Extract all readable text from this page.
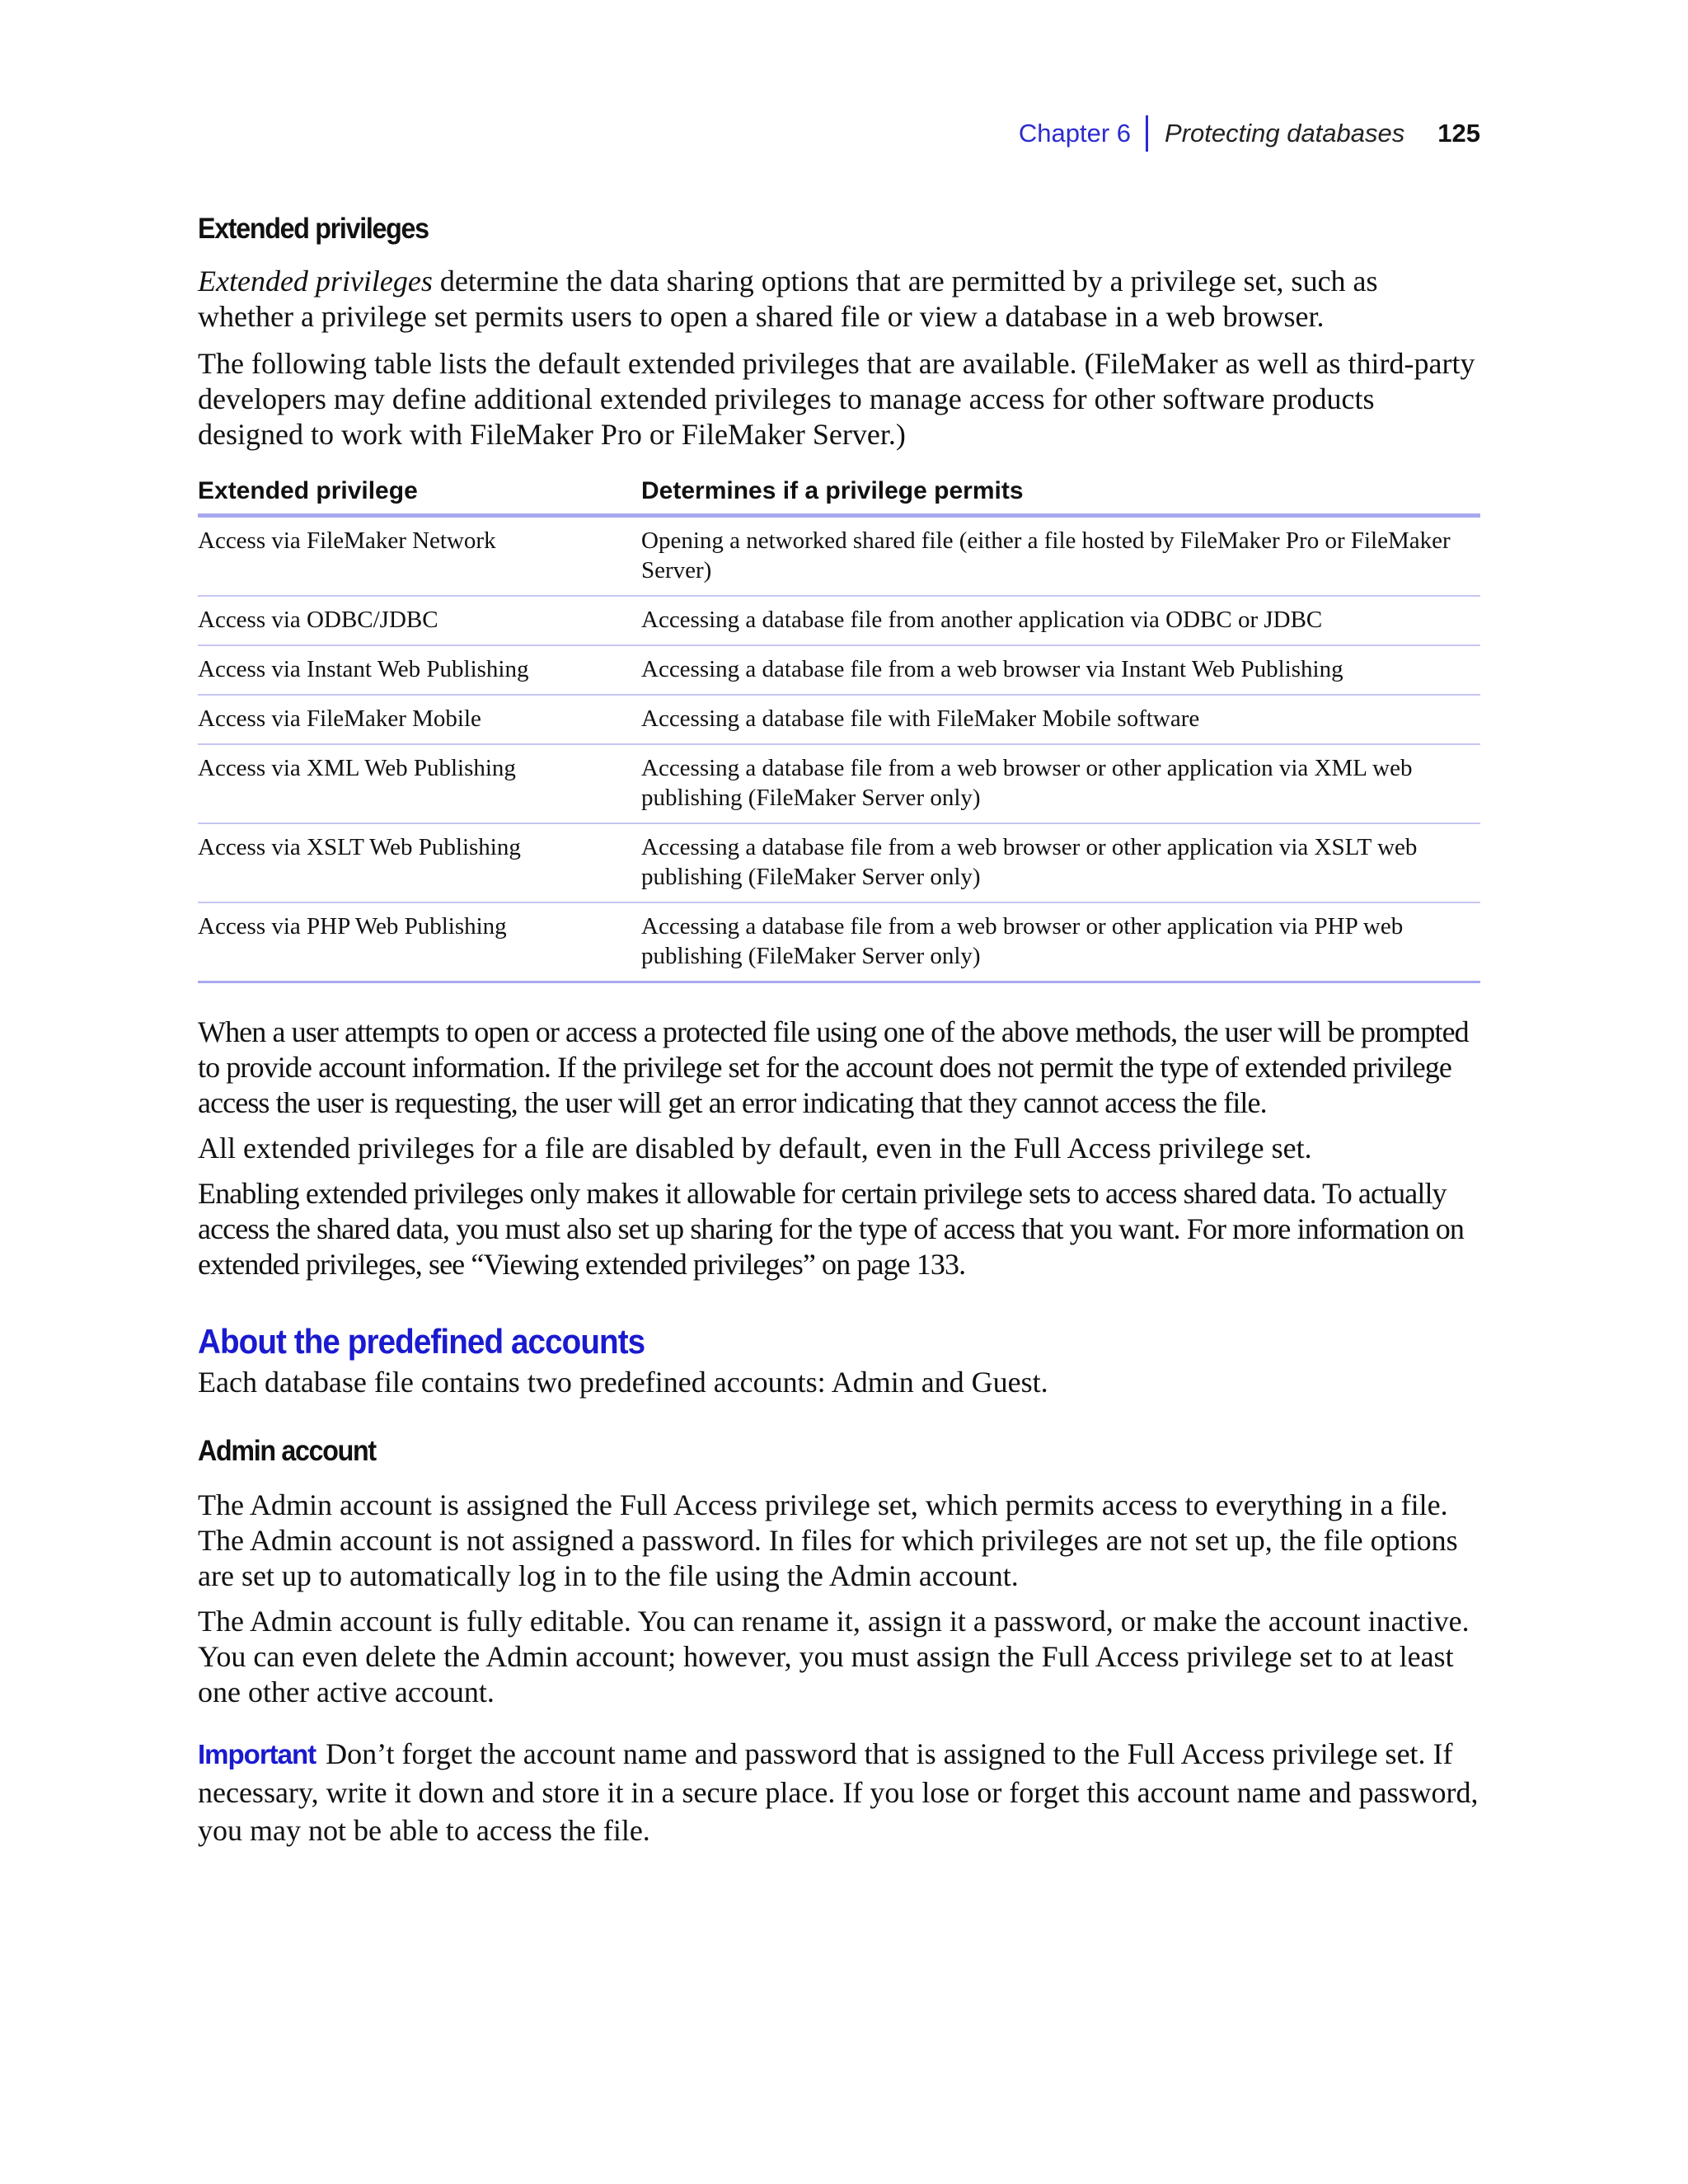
Chapter 6 Protecting databases 125
Extended privileges

Extended privileges determine the data sharing options that are permitted by a privilege set, such as whether a privilege set permits users to open a shared file or view a database in a web browser.

The following table lists the default extended privileges that are available. (FileMaker as well as third-party developers may define additional extended privileges to manage access for other software products designed to work with FileMaker Pro or FileMaker Server.)

Extended privilege	Determines if a privilege permits
Access via FileMaker Network	Opening a networked shared file (either a file hosted by FileMaker Pro or FileMaker Server)
Access via ODBC/JDBC	Accessing a database file from another application via ODBC or JDBC
Access via Instant Web Publishing	Accessing a database file from a web browser via Instant Web Publishing
Access via FileMaker Mobile	Accessing a database file with FileMaker Mobile software
Access via XML Web Publishing	Accessing a database file from a web browser or other application via XML web publishing (FileMaker Server only)
Access via XSLT Web Publishing	Accessing a database file from a web browser or other application via XSLT web publishing (FileMaker Server only)
Access via PHP Web Publishing	Accessing a database file from a web browser or other application via PHP web publishing (FileMaker Server only)

When a user attempts to open or access a protected file using one of the above methods, the user will be prompted to provide account information. If the privilege set for the account does not permit the type of extended privilege access the user is requesting, the user will get an error indicating that they cannot access the file.

All extended privileges for a file are disabled by default, even in the Full Access privilege set.

Enabling extended privileges only makes it allowable for certain privilege sets to access shared data. To actually access the shared data, you must also set up sharing for the type of access that you want. For more information on extended privileges, see “Viewing extended privileges” on page 133.

About the predefined accounts

Each database file contains two predefined accounts: Admin and Guest.

Admin account

The Admin account is assigned the Full Access privilege set, which permits access to everything in a file. The Admin account is not assigned a password. In files for which privileges are not set up, the file options are set up to automatically log in to the file using the Admin account.

The Admin account is fully editable. You can rename it, assign it a password, or make the account inactive. You can even delete the Admin account; however, you must assign the Full Access privilege set to at least one other active account.

Important Don’t forget the account name and password that is assigned to the Full Access privilege set. If necessary, write it down and store it in a secure place. If you lose or forget this account name and password, you may not be able to access the file.
